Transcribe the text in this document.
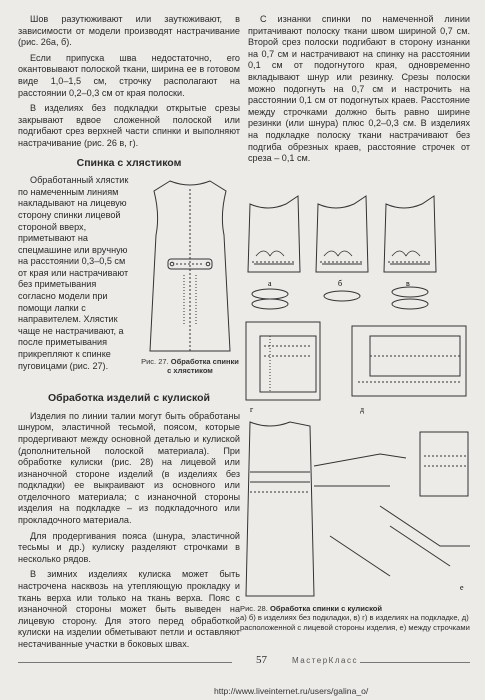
Шов разутюживают или заутюживают, в зависимости от модели производят настрачивание (рис. 26а, б).

Если припуска шва недостаточно, его окантовывают полоской ткани, ширина ее в готовом виде 1,0–1,5 см, строчку располагают на расстоянии 0,2–0,3 см от края полоски.

В изделиях без подкладки открытые срезы закрывают вдвое сложенной полоской или подгибают срез верхней части спинки и выполняют настрачивание (рис. 26 в, г).

Спинка с хлястиком
Рис. 27. Обработка спинки с хлястиком

Обработанный хлястик по намеченным линиям накладывают на лицевую сторону спинки лицевой стороной вверх, приметывают на спецмашине или вручную на расстоянии 0,3–0,5 см от края или настрачивают без приметывания согласно модели при помощи лапки с направителем. Хлястик чаще не настрачивают, а после приметывания прикрепляют к спинке пуговицами (рис. 27).

Обработка изделий с кулиской

Изделия по линии талии могут быть обработаны шнуром, эластичной тесьмой, поясом, которые продергивают между основной деталью и кулиской (дополнительной полоской материала). При обработке кулиски (рис. 28) на лицевой или изнаночной стороне изделий (в изделиях без подкладки) ее выкраивают из основного или отделочного материала; с изнаночной стороны изделия на подкладке – из подкладочного или прокладочного материала.

Для продергивания пояса (шнура, эластичной тесьмы и др.) кулиску разделяют строчками в несколько рядов.

В зимних изделиях кулиска может быть настрочена насквозь на утепляющую прокладку и ткань верха или только на ткань верха. Пояс с изнаночной стороны может быть выведен на лицевую сторону. Для этого перед обработкой кулиски на изделии обметывают петли и оставляют нестачиванные участки в боковых швах.

С изнанки спинки по намеченной линии притачивают полоску ткани швом шириной 0,7 см. Второй срез полоски подгибают в сторону изнанки на 0,7 см и настрачивают на спинку на расстоянии 0,1 см от подогнутого края, одновременно вкладывают шнур или резинку. Срезы полоски можно подогнуть на 0,7 см и настрочить на расстоянии 0,1 см от подогнутых краев. Расстояние между строчками должно быть равно ширине резинки (или шнура) плюс 0,2–0,3 см. В изделиях на подкладке полоску ткани настрачивают без подгиба обрезных краев, расстояние строчек от среза – 0,1 см.

а	б	в
г	д
е
Рис. 28. Обработка спинки с кулиской
а) б) в изделиях без подкладки, в) г) в изделиях на подкладке, д) расположенной с лицевой стороны изделия, е) между строчками
57	МастерКласс
http://www.liveinternet.ru/users/galina_o/
